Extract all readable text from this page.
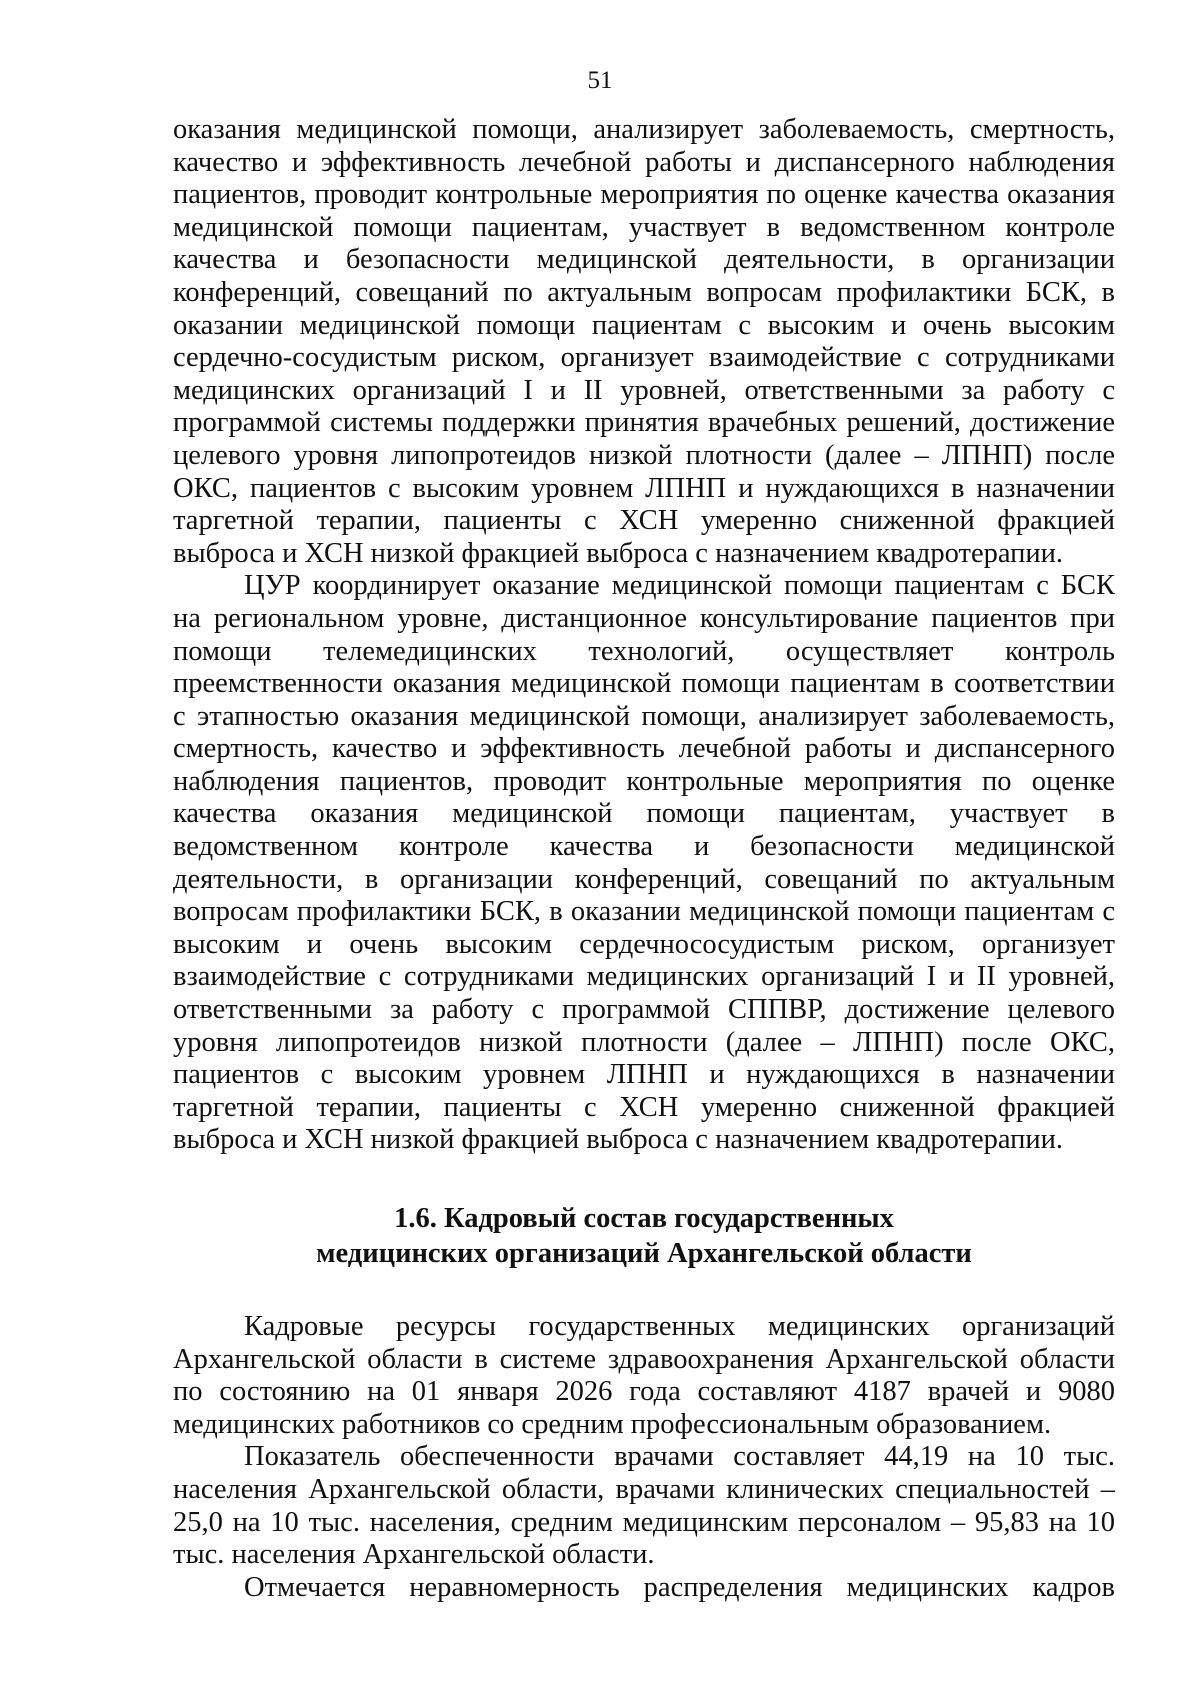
51

оказания медицинской помощи, анализирует заболеваемость, смертность, качество и эффективность лечебной работы и диспансерного наблюдения пациентов, проводит контрольные мероприятия по оценке качества оказания медицинской помощи пациентам, участвует в ведомственном контроле качества и безопасности медицинской деятельности, в организации конференций, совещаний по актуальным вопросам профилактики БСК, в оказании медицинской помощи пациентам с высоким и очень высоким сердечно-сосудистым риском, организует взаимодействие с сотрудниками медицинских организаций I и II уровней, ответственными за работу с программой системы поддержки принятия врачебных решений, достижение целевого уровня липопротеидов низкой плотности (далее – ЛПНП) после ОКС, пациентов с высоким уровнем ЛПНП и нуждающихся в назначении таргетной терапии, пациенты с ХСН умеренно сниженной фракцией выброса и ХСН низкой фракцией выброса с назначением квадротерапии.

ЦУР координирует оказание медицинской помощи пациентам с БСК на региональном уровне, дистанционное консультирование пациентов при помощи телемедицинских технологий, осуществляет контроль преемственности оказания медицинской помощи пациентам в соответствии с этапностью оказания медицинской помощи, анализирует заболеваемость, смертность, качество и эффективность лечебной работы и диспансерного наблюдения пациентов, проводит контрольные мероприятия по оценке качества оказания медицинской помощи пациентам, участвует в ведомственном контроле качества и безопасности медицинской деятельности, в организации конференций, совещаний по актуальным вопросам профилактики БСК, в оказании медицинской помощи пациентам с высоким и очень высоким сердечнососудистым риском, организует взаимодействие с сотрудниками медицинских организаций I и II уровней, ответственными за работу с программой СППВР, достижение целевого уровня липопротеидов низкой плотности (далее – ЛПНП) после ОКС, пациентов с высоким уровнем ЛПНП и нуждающихся в назначении таргетной терапии, пациенты с ХСН умеренно сниженной фракцией выброса и ХСН низкой фракцией выброса с назначением квадротерапии.

1.6. Кадровый состав государственных
медицинских организаций Архангельской области

Кадровые ресурсы государственных медицинских организаций Архангельской области в системе здравоохранения Архангельской области по состоянию на 01 января 2026 года составляют 4187 врачей и 9080 медицинских работников со средним профессиональным образованием.

Показатель обеспеченности врачами составляет 44,19 на 10 тыс. населения Архангельской области, врачами клинических специальностей – 25,0 на 10 тыс. населения, средним медицинским персоналом – 95,83 на 10 тыс. населения Архангельской области.

Отмечается неравномерность распределения медицинских кадров
